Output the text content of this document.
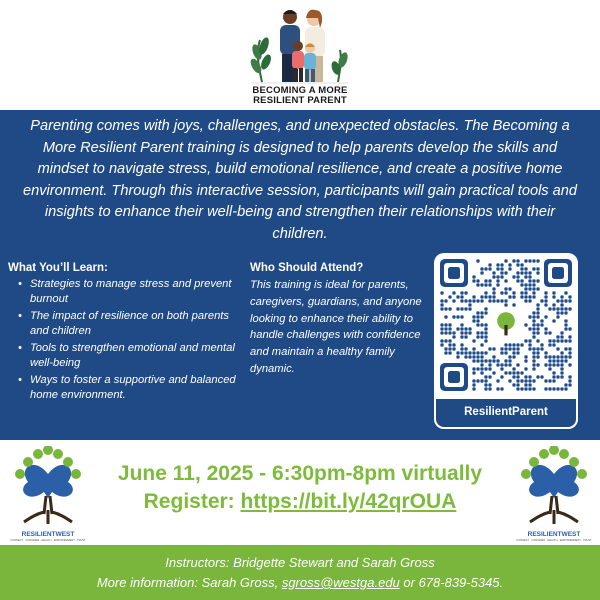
BECOMING A MORE
RESILIENT PARENT
Parenting comes with joys, challenges, and unexpected obstacles. The Becoming a More Resilient Parent training is designed to help parents develop the skills and mindset to navigate stress, build emotional resilience, and create a positive home environment. Through this interactive session, participants will gain practical tools and insights to enhance their well-being and strengthen their relationships with their children.
What You’ll Learn:
• Strategies to manage stress and prevent burnout
• The impact of resilience on both parents and children
• Tools to strengthen emotional and mental well-being
• Ways to foster a supportive and balanced home environment.
Who Should Attend?
This training is ideal for parents, caregivers, guardians, and anyone looking to enhance their ability to handle challenges with confidence and maintain a healthy family dynamic.
ResilientParent
RESILIENTWEST
CONNECT · CONSIDER · HEALTH · EMPOWERMENT · TRUST
June 11, 2025 - 6:30pm-8pm virtually
Register: https://bit.ly/42qrOUA
RESILIENTWEST
CONNECT · CONSIDER · HEALTH · EMPOWERMENT · TRUST
Instructors: Bridgette Stewart and Sarah Gross
More information: Sarah Gross, sgross@westga.edu or 678-839-5345.
